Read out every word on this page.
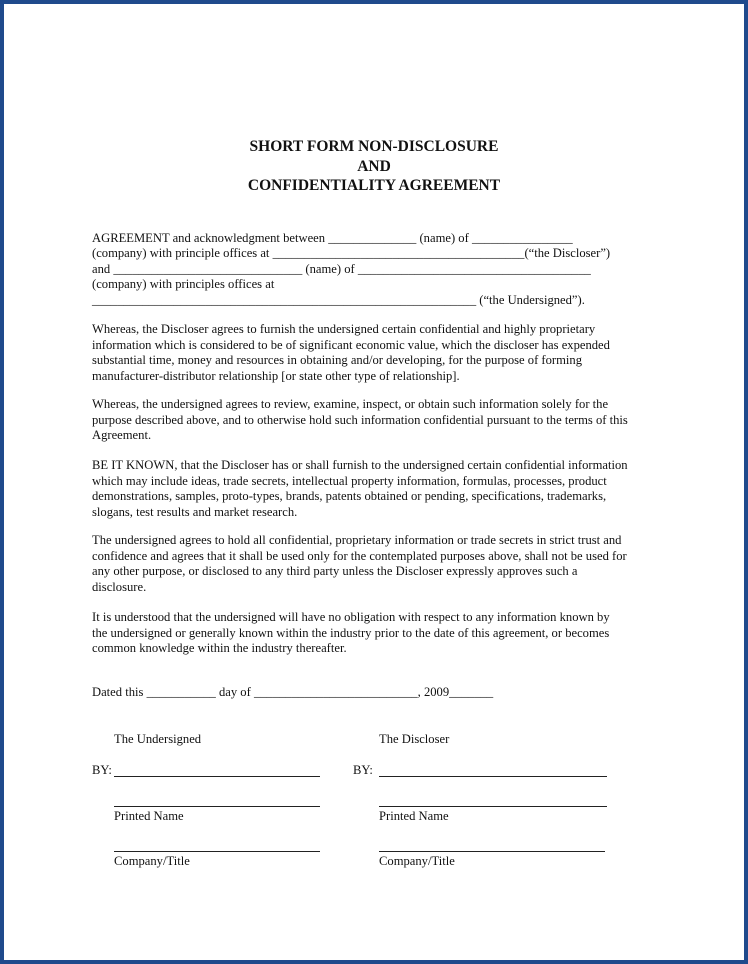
SHORT FORM NON-DISCLOSURE
AND
CONFIDENTIALITY AGREEMENT
AGREEMENT and acknowledgment between ______________ (name) of ________________
(company) with principle offices at ________________________________________(“the Discloser”)
and ______________________________ (name) of _____________________________________
(company) with principles offices at
_____________________________________________________________ (“the Undersigned”).
Whereas, the Discloser agrees to furnish the undersigned certain confidential and highly proprietary
information which is considered to be of significant economic value, which the discloser has expended
substantial time, money and resources in obtaining and/or developing, for the purpose of forming
manufacturer-distributor relationship [or state other type of relationship].
Whereas, the undersigned agrees to review, examine, inspect, or obtain such information solely for the
purpose described above, and to otherwise hold such information confidential pursuant to the terms of this
Agreement.
BE IT KNOWN, that the Discloser has or shall furnish to the undersigned certain confidential information
which may include ideas, trade secrets, intellectual property information, formulas, processes, product
demonstrations, samples, proto-types, brands, patents obtained or pending, specifications, trademarks,
slogans, test results and market research.
The undersigned agrees to hold all confidential, proprietary information or trade secrets in strict trust and
confidence and agrees that it shall be used only for the contemplated purposes above, shall not be used for
any other purpose, or disclosed to any third party unless the Discloser expressly approves such a
disclosure.
It is understood that the undersigned will have no obligation with respect to any information known by
the undersigned or generally known within the industry prior to the date of this agreement, or becomes
common knowledge within the industry thereafter.
Dated this ___________ day of __________________________, 2009_______
The Undersigned	The Discloser
BY:	BY:
Printed Name	Printed Name
Company/Title	Company/Title
